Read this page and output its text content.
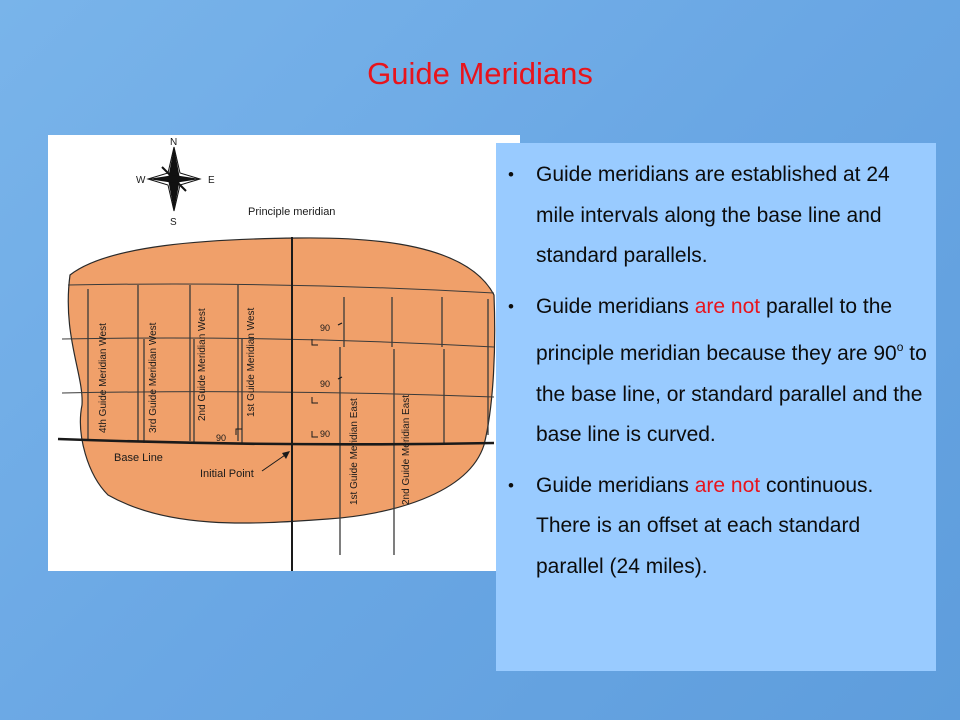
Guide Meridians
90
90
90
90
Principle meridian
Base Line
Initial Point
4th Guide Meridian West	3rd Guide Meridian West	2nd Guide Meridian West	1st Guide Meridian West
1st Guide Meridian East	2nd Guide Meridian East
N
S
W	E	• Guide meridians are established at 24 mile intervals along the base line and standard parallels.
• Guide meridians are not parallel to the principle meridian because they are 90$^o$ to the base line, or standard parallel and the base line is curved.
• Guide meridians are not continuous. There is an offset at each standard parallel (24 miles).
